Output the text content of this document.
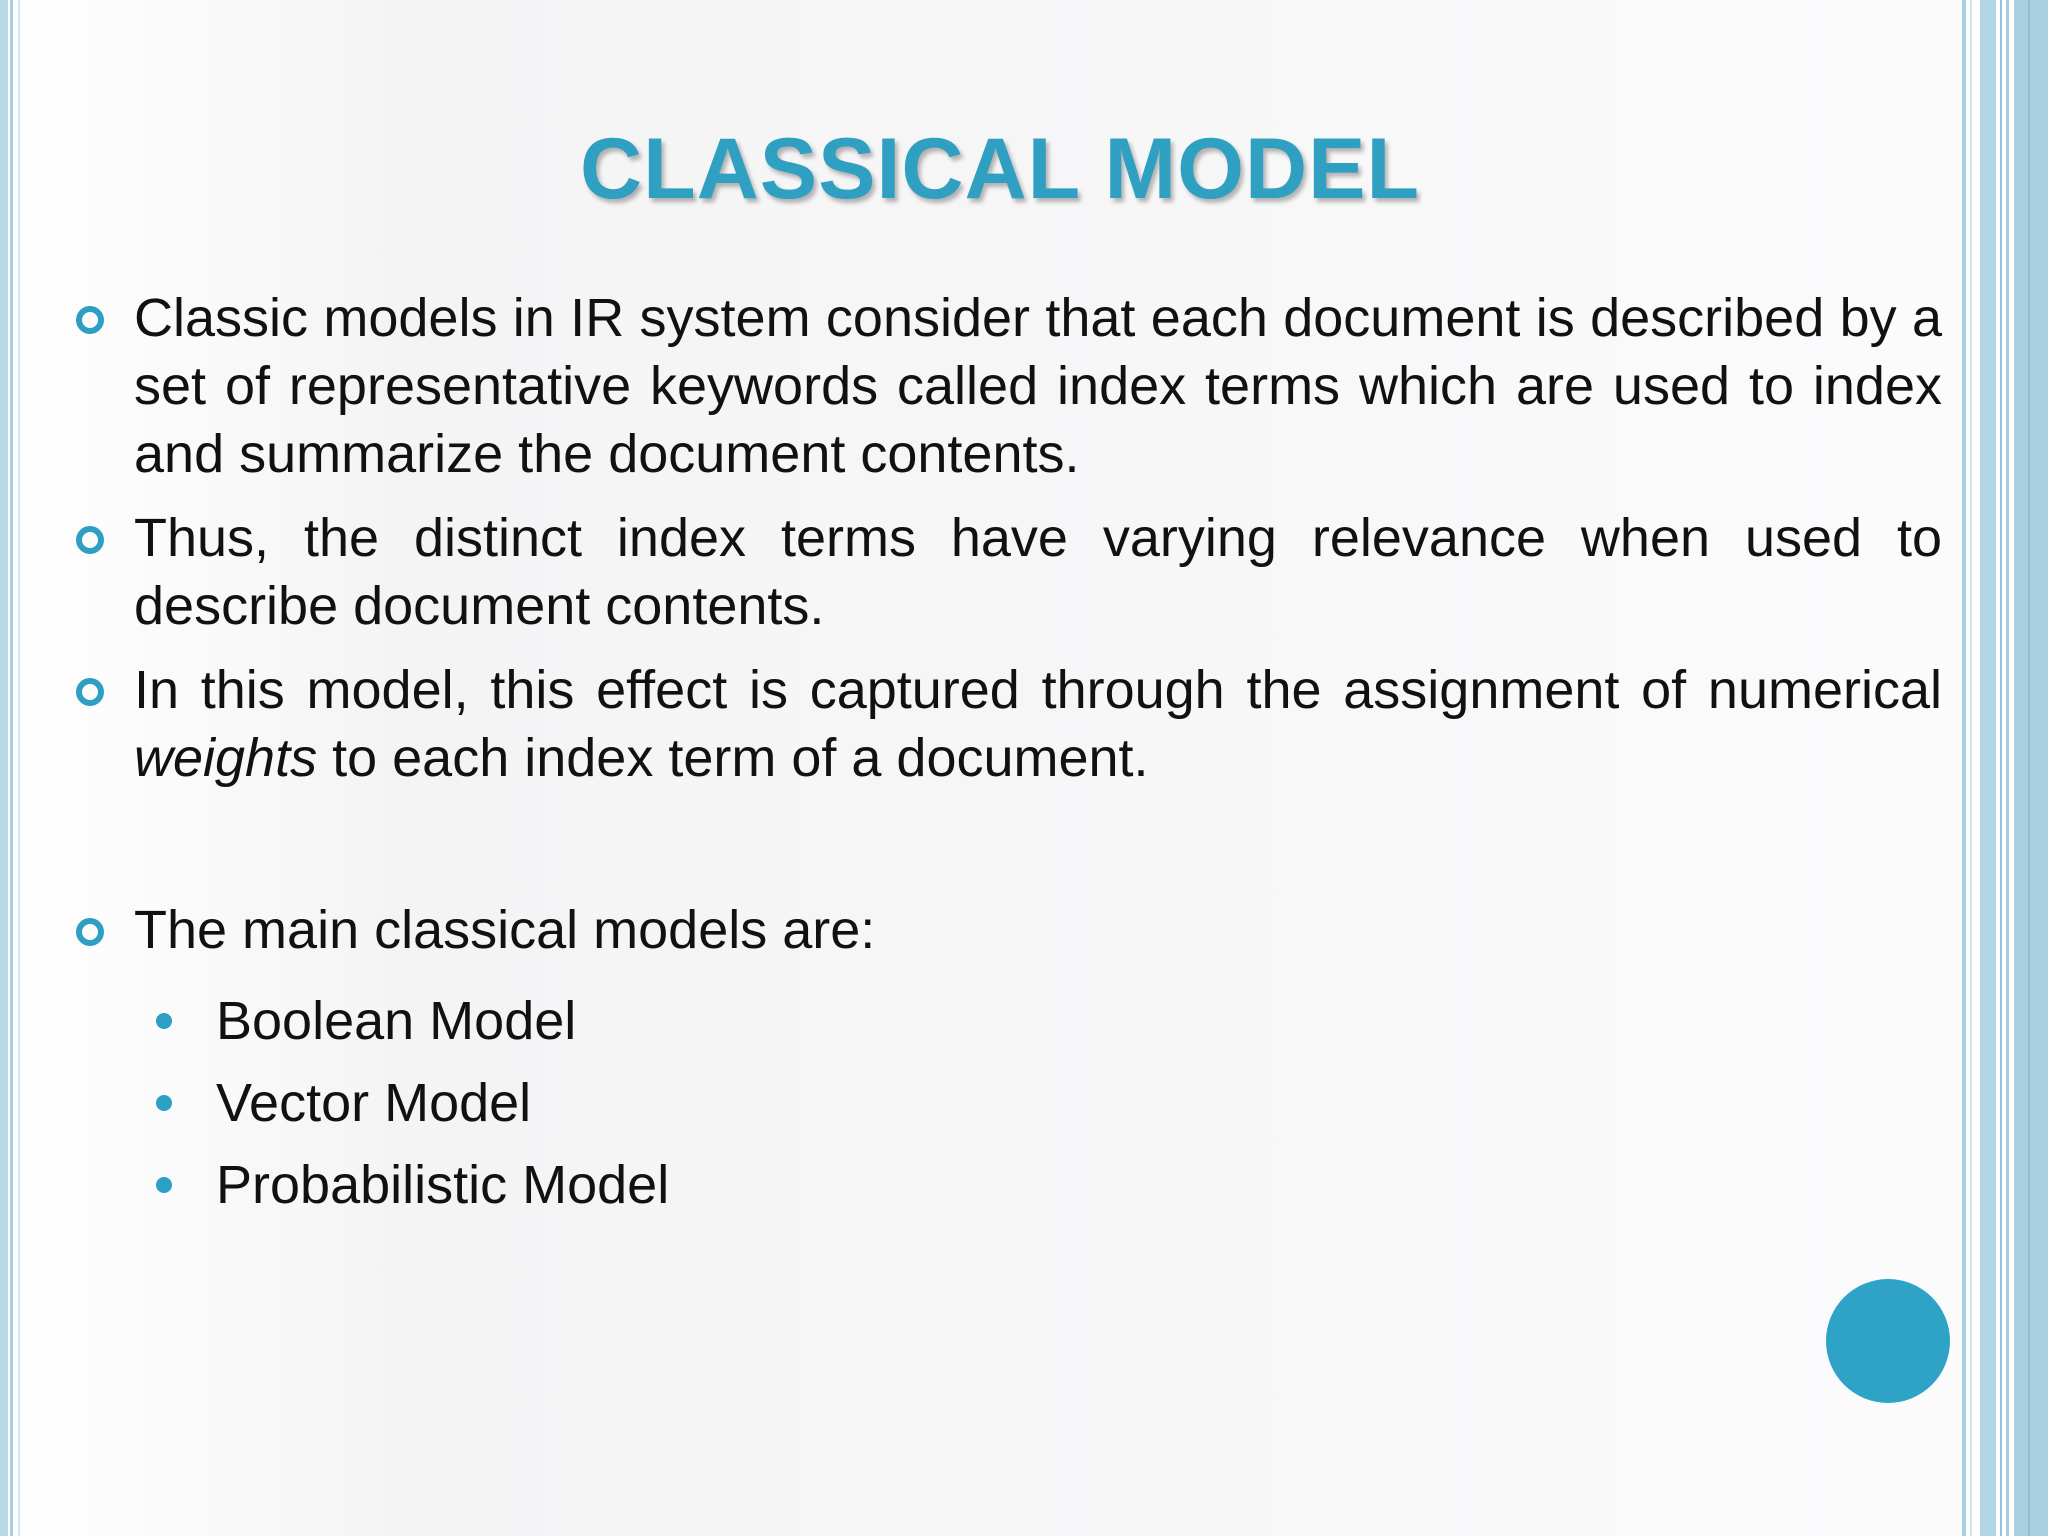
CLASSICAL MODEL
Classic models in IR system consider that each document is described by a set of representative keywords called index terms which are used to index and summarize the document contents.
Thus, the distinct index terms have varying relevance when used to describe document contents.
In this model, this effect is captured through the assignment of numerical weights to each index term of a document.
The main classical models are:
Boolean Model
Vector Model
Probabilistic Model
